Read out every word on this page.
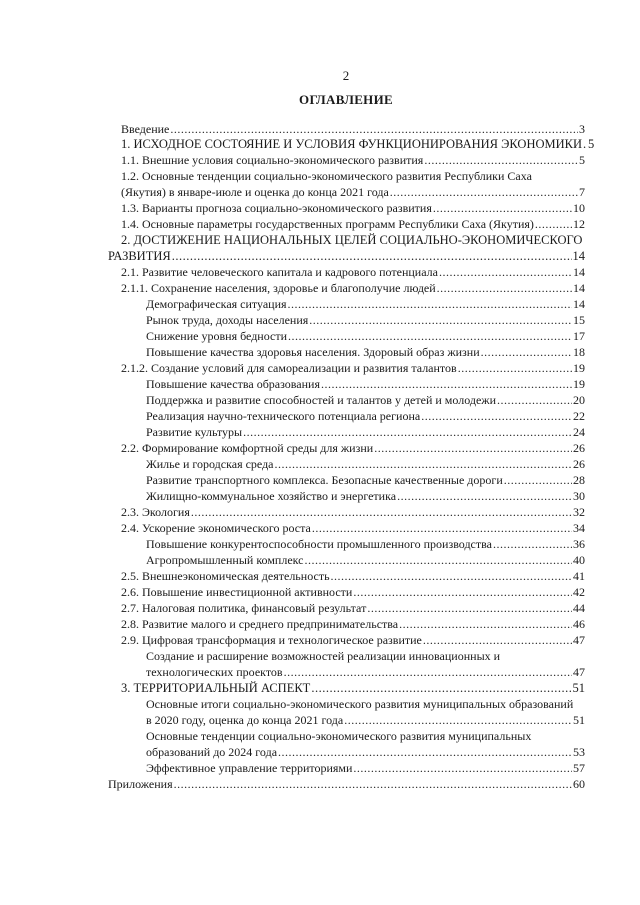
2
ОГЛАВЛЕНИЕ
Введение .....	3
1. ИСХОДНОЕ СОСТОЯНИЕ И УСЛОВИЯ ФУНКЦИОНИРОВАНИЯ ЭКОНОМИКИ ..... 5
1.1. Внешние условия социально-экономического развития .....	5
1.2. Основные тенденции социально-экономического развития Республики Саха
(Якутия) в январе-июле и оценка до конца 2021 года .....	7
1.3. Варианты прогноза социально-экономического развития .....	10
1.4. Основные параметры государственных программ Республики Саха (Якутия) .....	12
2. ДОСТИЖЕНИЕ НАЦИОНАЛЬНЫХ ЦЕЛЕЙ СОЦИАЛЬНО-ЭКОНОМИЧЕСКОГО
РАЗВИТИЯ .....	14
2.1. Развитие человеческого капитала и кадрового потенциала .....	14
2.1.1. Сохранение населения, здоровье и благополучие людей .....	14
Демографическая ситуация .....	14
Рынок труда, доходы населения .....	15
Снижение уровня бедности .....	17
Повышение качества здоровья населения. Здоровый образ жизни .....	18
2.1.2. Создание условий для самореализации и развития талантов .....	19
Повышение качества образования .....	19
Поддержка и развитие способностей и талантов у детей и молодежи .....	20
Реализация научно-технического потенциала региона .....	22
Развитие культуры .....	24
2.2. Формирование комфортной среды для жизни .....	26
Жилье и городская среда .....	26
Развитие транспортного комплекса. Безопасные качественные дороги .....	28
Жилищно-коммунальное хозяйство и энергетика .....	30
2.3. Экология .....	32
2.4. Ускорение экономического роста .....	34
Повышение конкурентоспособности промышленного производства .....	36
Агропромышленный комплекс .....	40
2.5. Внешнеэкономическая деятельность .....	41
2.6. Повышение инвестиционной активности .....	42
2.7. Налоговая политика, финансовый результат .....	44
2.8. Развитие малого и среднего предпринимательства .....	46
2.9. Цифровая трансформация и технологическое развитие .....	47
Создание и расширение возможностей реализации инновационных и
технологических проектов .....	47
3. ТЕРРИТОРИАЛЬНЫЙ АСПЕКТ .....	51
Основные итоги социально-экономического развития муниципальных образований
в 2020 году, оценка до конца 2021 года .....	51
Основные тенденции социально-экономического развития муниципальных
образований до 2024 года .....	53
Эффективное управление территориями .....	57
Приложения .....	60
